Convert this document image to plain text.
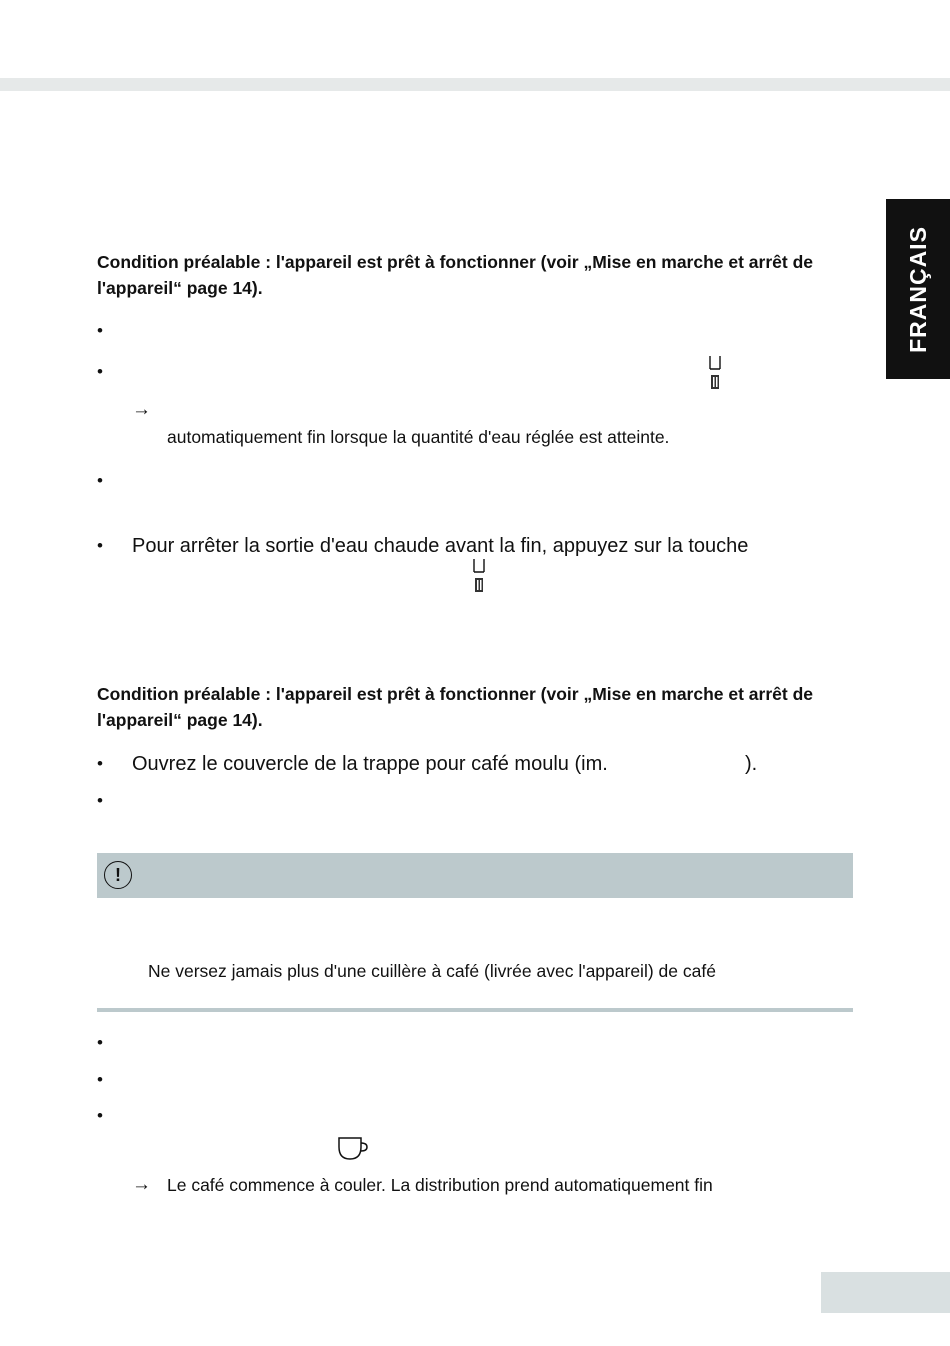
FRANÇAIS

Condition préalable : l'appareil est prêt à fonctionner (voir „Mise en marche et arrêt de l'appareil“ page 14).

•
•
→
automatiquement fin lorsque la quantité d'eau réglée est atteinte.
•
• Pour arrêter la sortie d'eau chaude avant la fin, appuyez sur la touche

Condition préalable : l'appareil est prêt à fonctionner (voir „Mise en marche et arrêt de l'appareil“ page 14).

• Ouvrez le couvercle de la trappe pour café moulu (im.	).
•
!
Ne versez jamais plus d'une cuillère à café (livrée avec l'appareil) de café
•
•
•
→ Le café commence à couler. La distribution prend automatiquement fin
